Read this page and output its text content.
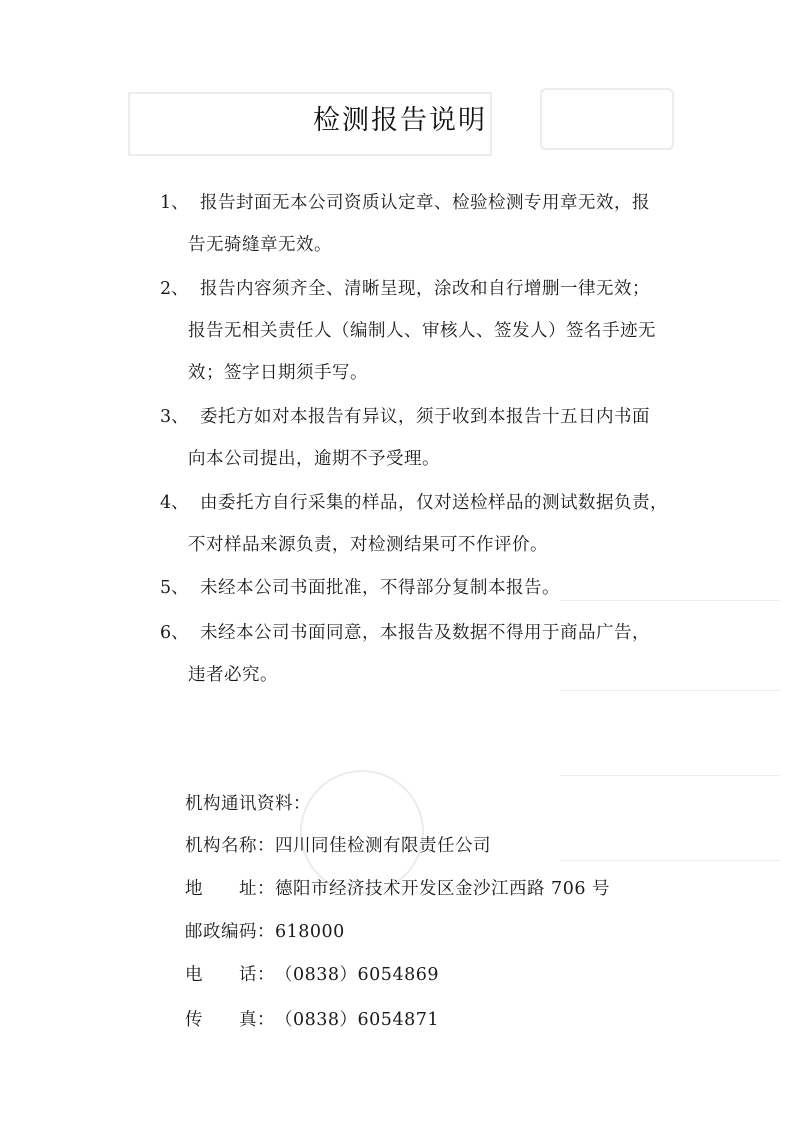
检测报告说明
1、 报告封面无本公司资质认定章、检验检测专用章无效，报
告无骑缝章无效。
2、 报告内容须齐全、清晰呈现，涂改和自行增删一律无效；
报告无相关责任人（编制人、审核人、签发人）签名手迹无
效；签字日期须手写。
3、 委托方如对本报告有异议，须于收到本报告十五日内书面
向本公司提出，逾期不予受理。
4、 由委托方自行采集的样品，仅对送检样品的测试数据负责，
不对样品来源负责，对检测结果可不作评价。
5、 未经本公司书面批准，不得部分复制本报告。
6、 未经本公司书面同意，本报告及数据不得用于商品广告，
违者必究。
机构通讯资料：
机构名称：四川同佳检测有限责任公司
地　　址：德阳市经济技术开发区金沙江西路 706 号
邮政编码：618000
电　　话：（0838）6054869
传　　真：（0838）6054871
